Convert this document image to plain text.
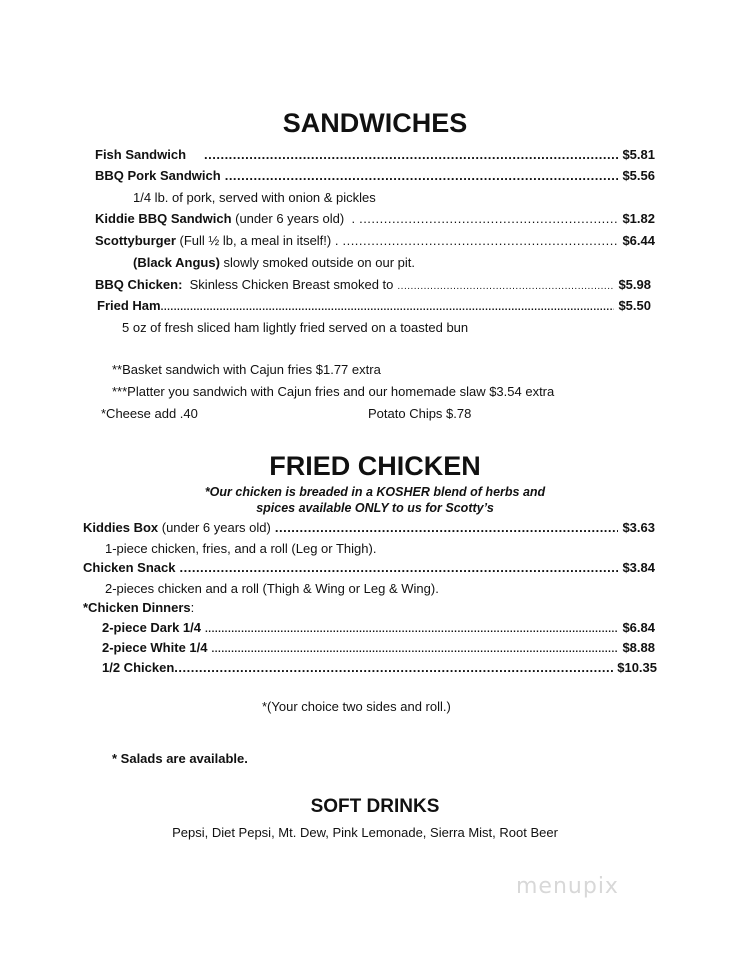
SANDWICHES
Fish Sandwich .....	$5.81
BBQ Pork Sandwich .....	$5.56
1/4 lb. of pork, served with onion & pickles
Kiddie BBQ Sandwich (under 6 years old)  . .....	$1.82
Scottyburger (Full ½ lb, a meal in itself!) . .....	$6.44
(Black Angus) slowly smoked outside on our pit.
BBQ Chicken: Skinless Chicken Breast smoked to .....	$5.98
Fried Ham .....	$5.50
5 oz of fresh sliced ham lightly fried served on a toasted bun
**Basket sandwich with Cajun fries $1.77 extra
***Platter you sandwich with Cajun fries and our homemade slaw $3.54 extra
*Cheese add .40	Potato Chips $.78
FRIED CHICKEN
*Our chicken is breaded in a KOSHER blend of herbs and
spices available ONLY to us for Scotty’s
Kiddies Box (under 6 years old) .....	$3.63
1-piece chicken, fries, and a roll (Leg or Thigh).
Chicken Snack .....	$3.84
2-pieces chicken and a roll (Thigh & Wing or Leg & Wing).
*Chicken Dinners:
2-piece Dark 1/4 .....	$6.84
2-piece White 1/4 .....	$8.88
1/2 Chicken .....	$10.35
*(Your choice two sides and roll.)
* Salads are available.
SOFT DRINKS
Pepsi, Diet Pepsi, Mt. Dew, Pink Lemonade, Sierra Mist, Root Beer
menupix
